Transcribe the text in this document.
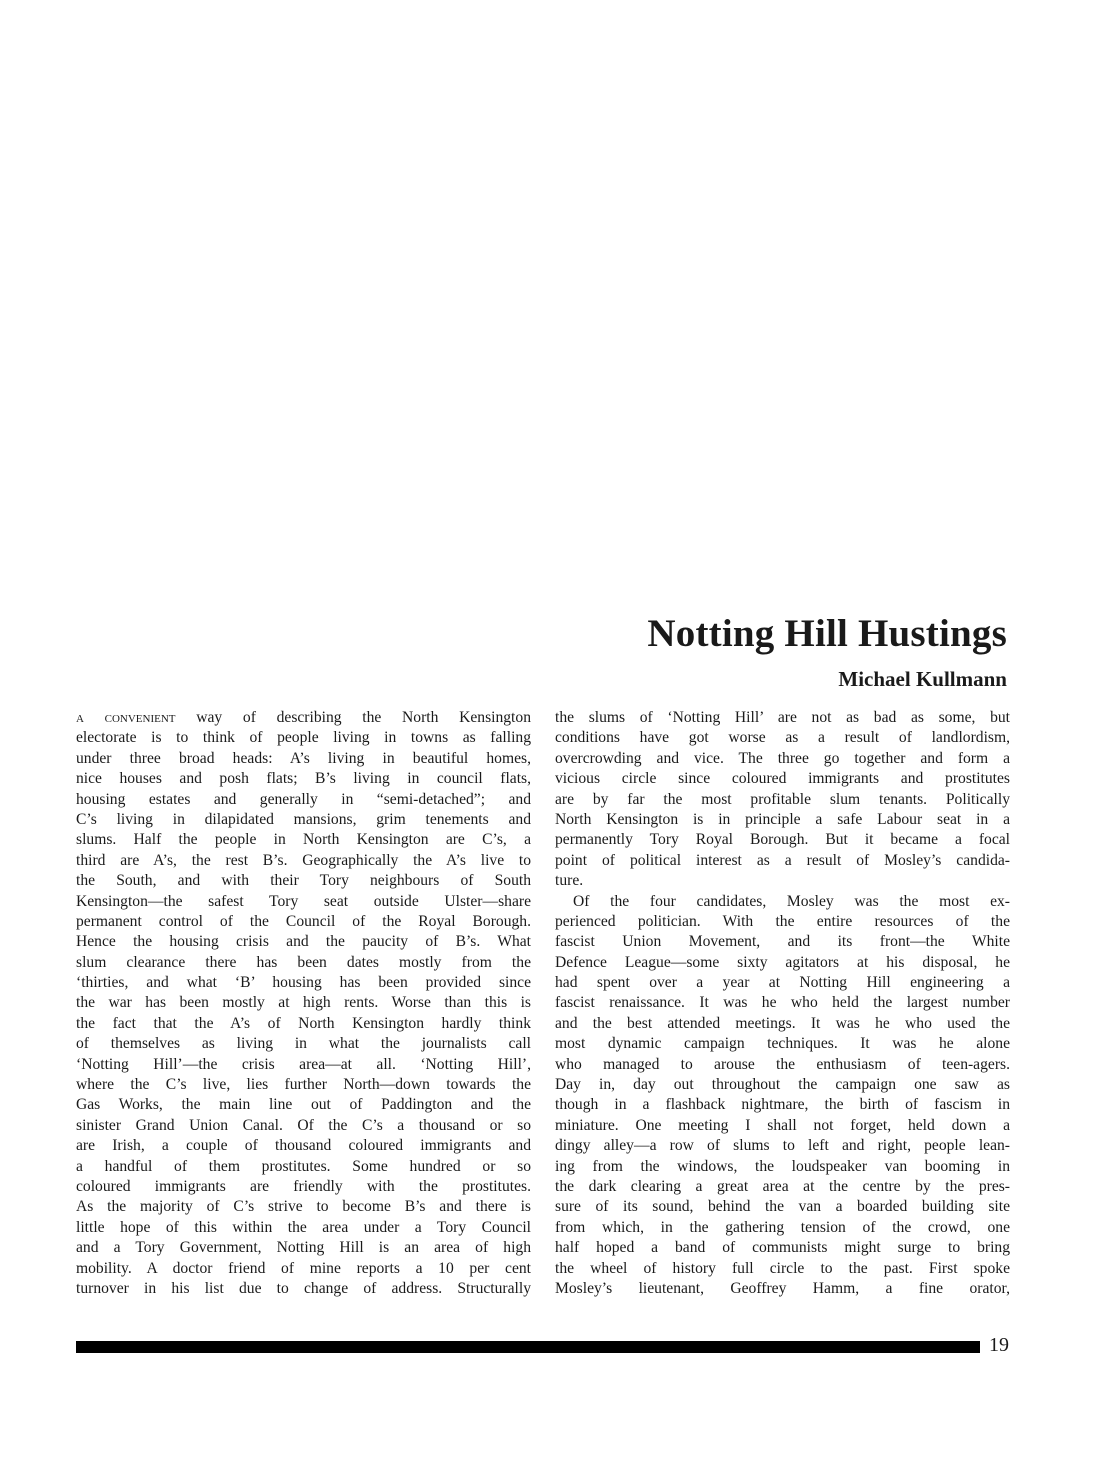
Notting Hill Hustings
Michael Kullmann
a convenient way of describing the North Kensington
electorate is to think of people living in towns as falling
under three broad heads: A’s living in beautiful homes,
nice houses and posh flats; B’s living in council flats,
housing estates and generally in “semi-detached”; and
C’s living in dilapidated mansions, grim tenements and
slums. Half the people in North Kensington are C’s, a
third are A’s, the rest B’s. Geographically the A’s live to
the South, and with their Tory neighbours of South
Kensington—the safest Tory seat outside Ulster—share
permanent control of the Council of the Royal Borough.
Hence the housing crisis and the paucity of B’s. What
slum clearance there has been dates mostly from the
‘thirties, and what ‘B’ housing has been provided since
the war has been mostly at high rents. Worse than this is
the fact that the A’s of North Kensington hardly think
of themselves as living in what the journalists call
‘Notting Hill’—the crisis area—at all. ‘Notting Hill’,
where the C’s live, lies further North—down towards the
Gas Works, the main line out of Paddington and the
sinister Grand Union Canal. Of the C’s a thousand or so
are Irish, a couple of thousand coloured immigrants and
a handful of them prostitutes. Some hundred or so
coloured immigrants are friendly with the prostitutes.
As the majority of C’s strive to become B’s and there is
little hope of this within the area under a Tory Council
and a Tory Government, Notting Hill is an area of high
mobility. A doctor friend of mine reports a 10 per cent
turnover in his list due to change of address. Structurally
the slums of ‘Notting Hill’ are not as bad as some, but
conditions have got worse as a result of landlordism,
overcrowding and vice. The three go together and form a
vicious circle since coloured immigrants and prostitutes
are by far the most profitable slum tenants. Politically
North Kensington is in principle a safe Labour seat in a
permanently Tory Royal Borough. But it became a focal
point of political interest as a result of Mosley’s candida-
ture.
Of the four candidates, Mosley was the most ex-
perienced politician. With the entire resources of the
fascist Union Movement, and its front—the White
Defence League—some sixty agitators at his disposal, he
had spent over a year at Notting Hill engineering a
fascist renaissance. It was he who held the largest number
and the best attended meetings. It was he who used the
most dynamic campaign techniques. It was he alone
who managed to arouse the enthusiasm of teen-agers.
Day in, day out throughout the campaign one saw as
though in a flashback nightmare, the birth of fascism in
miniature. One meeting I shall not forget, held down a
dingy alley—a row of slums to left and right, people lean-
ing from the windows, the loudspeaker van booming in
the dark clearing a great area at the centre by the pres-
sure of its sound, behind the van a boarded building site
from which, in the gathering tension of the crowd, one
half hoped a band of communists might surge to bring
the wheel of history full circle to the past. First spoke
Mosley’s lieutenant, Geoffrey Hamm, a fine orator,
19
